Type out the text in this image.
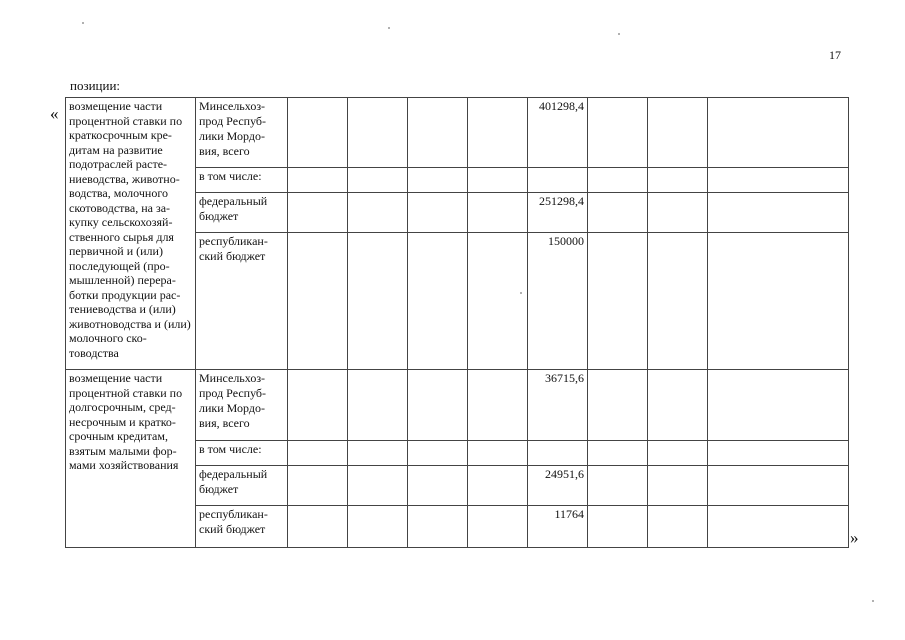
17
позиции:
« возмещение части процентной ставки по краткосрочным кре-дитам на развитие подотраслей расте-ниеводства, животно-водства, молочного скотоводства, на за-купку сельскохозяй-ственного сырья для первичной и (или) последующей (про-мышленной) перера-ботки продукции рас-тениеводства и (или) животноводства и (или) молочного ско-товодства	Минсельхоз-прод Респуб-лики Мордо-вия, всего					401298,4			
	в том числе:								
	федеральный бюджет					251298,4			
	республикан-ский бюджет					150000			
возмещение части процентной ставки по долгосрочным, сред-несрочным и кратко-срочным кредитам, взятым малыми фор-мами хозяйствования	Минсельхоз-прод Респуб-лики Мордо-вия, всего					36715,6			
	в том числе:								
	федеральный бюджет					24951,6			
	республикан-ский бюджет					11764			
»
